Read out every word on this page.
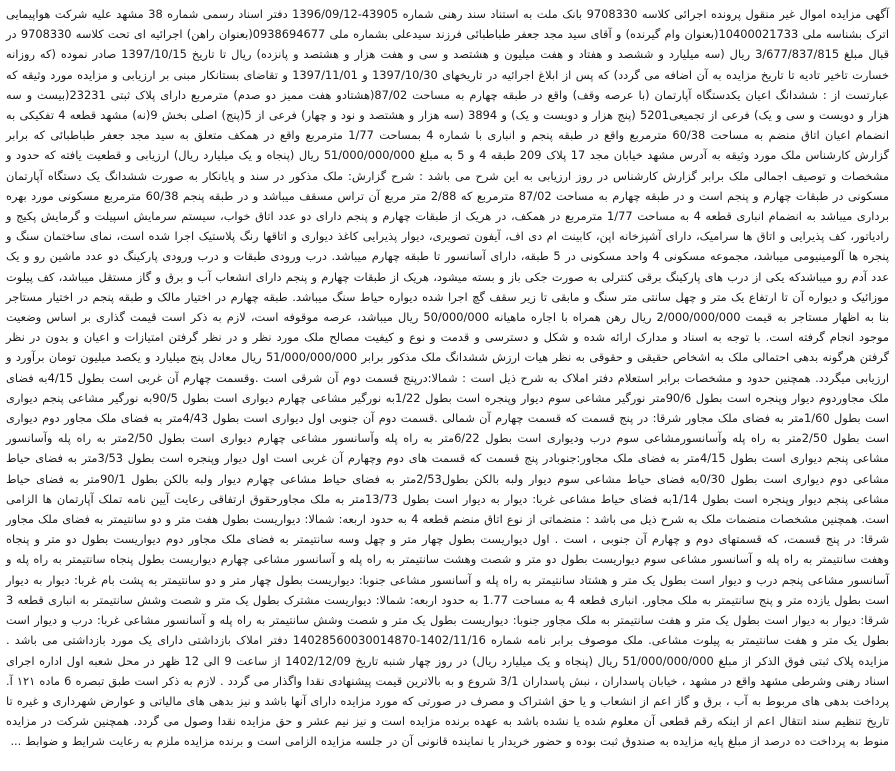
آگهی مزایده اموال غیر منقول پرونده اجرائی کلاسه 9708330 بانک ملت به استناد سند رهنی شماره 43905-1396/09/12 دفتر اسناد رسمی شماره 38 مشهد علیه شرکت هواپیمایی اترک بشناسه ملی 10400021733(بعنوان وام گیرنده) و آقای سید مجد جعفر طباطبائی فرزند سیدعلی بشماره ملی 0938694677(بعنوان راهن) اجرائیه ای تحت کلاسه 9708330 در قبال مبلغ 3/677/837/815 ریال (سه میلیارد و ششصد و هفتاد و هفت میلیون و هشتصد و سی و هفت هزار و هشتصد و پانزده) ریال تا تاریخ 1397/10/15 صادر نموده (که روزانه خسارت تاخیر تادیه تا تاریخ مزایده به آن اضافه می گردد) که پس از ابلاغ اجرائیه در تاریخهای 1397/10/30 و 1397/11/01 و تقاضای بستانکار مبنی بر ارزیابی و مزایده مورد وثیقه که عبارتست از : ششدانگ اعیان یکدستگاه آپارتمان (با عرصه وقف) واقع در طبقه چهارم به مساحت 87/02(هشتادو هفت ممیز دو صدم) مترمربع دارای پلاک ثبتی 23231(بیست و سه هزار و دویست و سی و یک) فرعی از تجمیعی5201 (پنج هزار و دویست و یک) و 3894 (سه هزار و هشتصد و نود و چهار) فرعی از 5(پنج) اصلی بخش 9(نه) مشهد قطعه 4 تفکیکی به انضمام اعیان اتاق منضم به مساحت 60/38 مترمربع واقع در طبقه پنجم و انباری با شماره 4 بمساحت 1/77 مترمربع واقع در همکف متعلق به سید مجد جعفر طباطبائی که برابر گزارش کارشناس ملک مورد وثیقه به آدرس مشهد خیابان مجد 17 پلاک 209 طبقه 4 و 5 به مبلغ 51/000/000/000 ریال (پنجاه و یک میلیارد ریال) ارزیابی و قطعیت یافته که حدود و مشخصات و توصیف اجمالی ملک برابر گزارش کارشناس در روز ارزیابی به این شرح می باشد : شرح گزارش: ملک مذکور در سند و پایانکار به صورت ششدانگ یک دستگاه آپارتمان مسکونی در طبقات چهارم و پنجم است و در طبقه چهارم به مساحت 87/02 مترمربع که 2/88 متر مربع آن تراس مسقف میباشد و در طبقه پنجم 60/38 مترمربع مسکونی مورد بهره برداری میباشد به انضمام انباری قطعه 4 به مساحت 1/77 مترمربع در همکف، در هریک از طبقات چهارم و پنجم دارای دو عدد اتاق خواب، سیستم سرمایش اسپیلت و گرمایش پکیج و رادیاتور، کف پذیرایی و اتاق ها سرامیک، دارای آشپزخانه اپن، کابینت ام دی اف، آیفون تصویری، دیوار پذیرایی کاغذ دیواری و اتاقها رنگ پلاستیک اجرا شده است، نمای ساختمان سنگ و پنجره ها آلومینیومی میباشد، مجموعه مسکونی 4 واحد مسکونی در 5 طبقه، دارای آسانسور تا طبقه چهارم میباشد. درب ورودی طبقات و درب ورودی پارکینگ دو عدد ماشین رو و یک عدد آدم رو میباشدکه یکی از درب های پارکینگ برقی کنترلی به صورت جکی باز و بسته میشود، هریک از طبقات چهارم و پنجم دارای انشعاب آب و برق و گاز مستقل میباشد، کف پیلوت موزائیک و دیواره آن تا ارتفاع یک متر و چهل سانتی متر سنگ و مابقی تا زیر سقف گچ اجرا شده دیواره حیاط سنگ میباشد. طبقه چهارم در اختیار مالک و طبقه پنجم در اختیار مستاجر بنا به اظهار مستاجر به قیمت 2/000/000/000 ریال رهن همراه با اجاره ماهیانه 50/000/000 ریال میباشد، عرصه موقوفه است، لازم به ذکر است قیمت گذاری بر اساس وضعیت موجود انجام گرفته است. با توجه به اسناد و مدارک ارائه شده و شکل و دسترسی و قدمت و نوع و کیفیت مصالح ملک مورد نظر و در نظر گرفتن امتیازات و اعیان و بدون در نظر گرفتن هرگونه بدهی احتمالی ملک به اشخاص حقیقی و حقوقی به نظر هیات ارزش ششدانگ ملک مذکور برابر 51/000/000/000 ریال معادل پنج میلیارد و یکصد میلیون تومان برآورد و ارزیابی میگردد. همچنین حدود و مشخصات برابر استعلام دفتر املاک به شرح ذیل است : شمالا:درپنج قسمت دوم آن شرقی است .وقسمت چهارم آن غربی است بطول 4/15به فضای ملک مجاوردوم دیوار وپنجره است بطول 90/6متر نورگیر مشاعی سوم دیوار وپنجره است بطول 1/22به نورگیر مشاعی چهارم دیواری است بطول 90/5به نورگیر مشاعی پنجم دیواری است بطول 1/60متر به فضای ملک مجاور شرقا: در پنج قسمت که قسمت چهارم آن شمالی .قسمت دوم آن جنوبی اول دیواری است بطول 4/43متر به فضای ملک مجاور دوم دیواری است بطول 2/50متر به راه پله وآسانسورمشاعی سوم درب ودیواری است بطول 6/22متر به راه پله وآسانسور مشاعی چهارم دیواری است بطول 2/50متر به راه پله وآسانسور مشاعی پنجم دیواری است بطول 4/15متر به فضای ملک مجاور:جنوبادر پنج قسمت که قسمت های دوم وچهارم آن غربی است اول دیوار وپنجره است بطول 3/53متر به فضای حیاط مشاعی دوم دیواری است بطول 0/30به فضای حیاط مشاعی سوم دیوار ولبه بالکن بطول2/53متر به فضای حیاط مشاعی چهارم دیوار ولبه بالکن بطول 90/1متر به فضای حیاط مشاعی پنجم دیوار وپنجره است بطول 1/14به فضای حیاط مشاعی غربا: دیوار به دیوار است بطول 13/73متر به ملک مجاورحقوق ارتفاقی رعایت آیین نامه تملک آپارتمان ها الزامی است. همچنین مشخصات منضمات ملک به شرح ذیل می باشد : منضماتی از نوع اتاق منضم قطعه 4 به حدود اربعه: شمالا: دیواریست بطول هفت متر و دو سانتیمتر به فضای ملک مجاور شرقا: در پنج قسمت، که قسمتهای دوم و چهارم آن جنوبی ، است . اول دیواریست بطول چهار متر و چهل وسه سانتیمتر به فضای ملک مجاور دوم دیواریست بطول دو متر و پنجاه وهفت سانتیمتر به راه پله و آسانسور مشاعی سوم دیواریست بطول دو متر و شصت وهشت سانتیمتر به راه پله و آسانسور مشاعی چهارم دیواریست بطول پنجاه سانتیمتر به راه پله و آسانسور مشاعی پنجم درب و دیوار است بطول یک متر و هشتاد سانتیمتر به راه پله و آسانسور مشاعی جنوبا: دیواریست بطول چهار متر و دو سانتیمتر به پشت بام غربا: دیوار به دیوار است بطول یازده متر و پنج سانتیمتر به ملک مجاور. انباری قطعه 4 به مساحت 1.77 به حدود اربعه: شمالا: دیواریست مشترک بطول یک متر و شصت وشش سانتیمتر به انباری قطعه 3 شرقا: دیوار به دیوار است بطول یک متر و هفت سانتیمتر به ملک مجاور جنوبا: دیواریست بطول یک متر و شصت وشش سانتیمتر به راه پله و آسانسور مشاعی غربا: درب و دیوار است بطول یک متر و هفت سانتیمتر به پیلوت مشاعی. ملک موصوف برابر نامه شماره 1402/11/16-14028560030014870 دفتر املاک بازداشتی دارای یک مورد بازداشتی می باشد . مزایده پلاک ثبتی فوق الذکر از مبلغ 51/000/000/000 ریال (پنجاه و یک میلیارد ریال) در روز چهار شنبه تاریخ 1402/12/09 از ساعت 9 الی 12 ظهر در محل شعبه اول اداره اجرای اسناد رهنی وشرطی مشهد واقع در مشهد ، خیابان پاسداران ، نبش پاسداران 3/1 شروع و به بالاترین قیمت پیشنهادی نقدا واگذار می گردد . لازم به ذکر است طبق تبصره 6 ماده ۱۲۱ آ. پرداخت بدهی های مربوط به آب ، برق و گاز اعم از انشعاب و یا حق اشتراک و مصرف در صورتی که مورد مزایده دارای آنها باشد و نیز بدهی های مالیاتی و عوارض شهرداری و غیره تا تاریخ تنظیم سند انتقال اعم از اینکه رقم قطعی آن معلوم شده یا نشده باشد به عهده برنده مزایده است و نیز نیم عشر و حق مزایده نقدا وصول می گردد. همچنین شرکت در مزایده منوط به پرداخت ده درصد از مبلغ پایه مزایده به صندوق ثبت بوده و حضور خریدار یا نماینده قانونی آن در جلسه مزایده الزامی است و برنده مزایده ملزم به رعایت شرایط و ضوابط ...
